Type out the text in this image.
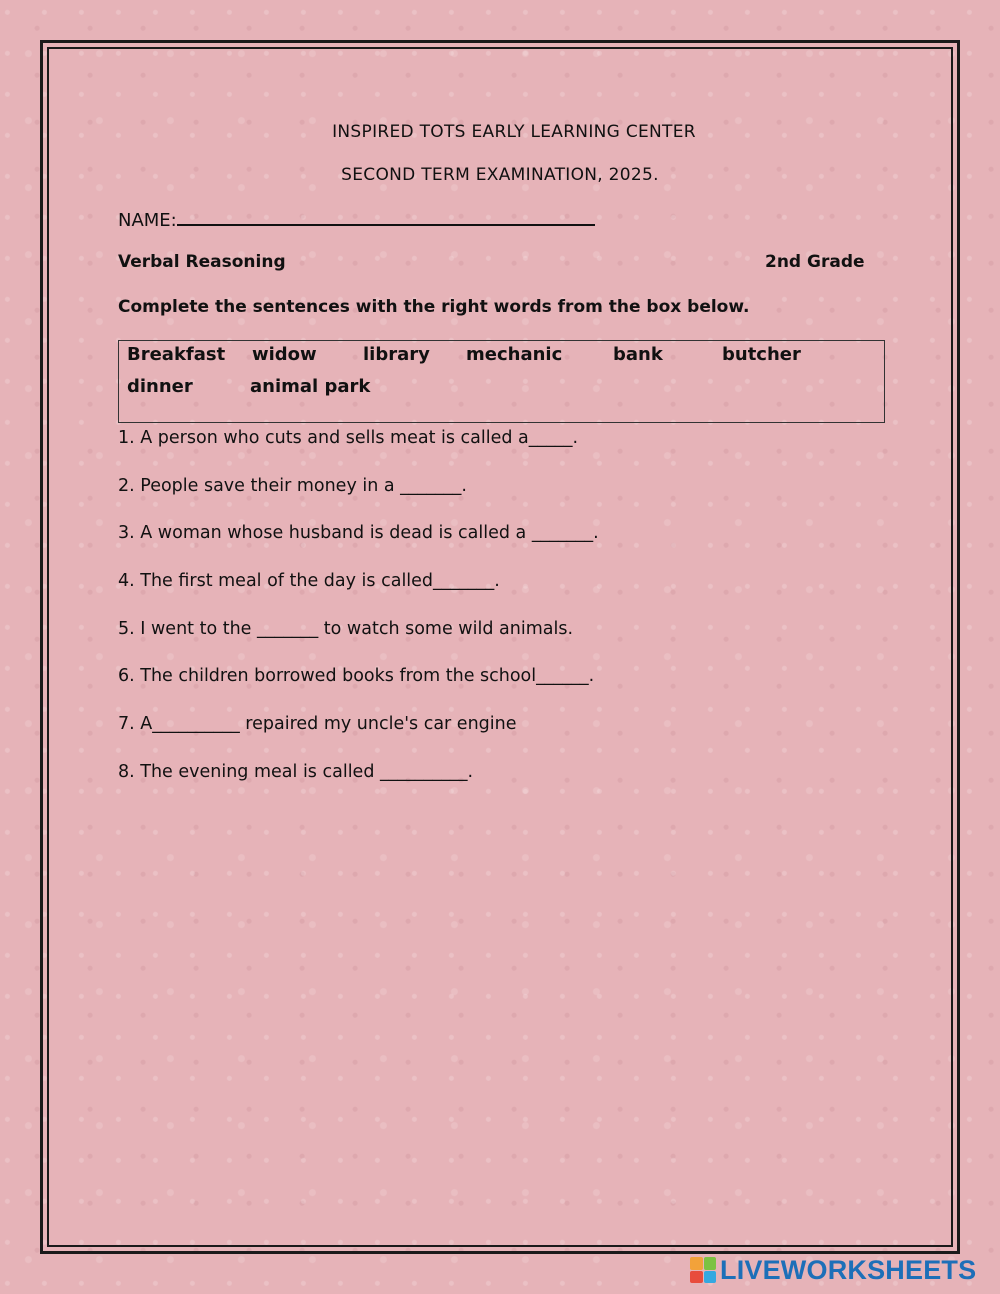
INSPIRED TOTS EARLY LEARNING CENTER
SECOND TERM EXAMINATION, 2025.
NAME:
Verbal Reasoning	2nd Grade
Complete the sentences with the right words from the box below.
Breakfast widow	library mechanic	bank	butcher
dinner	animal park
1. A person who cuts and sells meat is called a_____.
2. People save their money in a _______.
3. A woman whose husband is dead is called a _______.
4. The first meal of the day is called_______.
5. I went to the _______ to watch some wild animals.
6. The children borrowed books from the school______.
7. A__________ repaired my uncle's car engine
8. The evening meal is called __________.
LIVEWORKSHEETS
